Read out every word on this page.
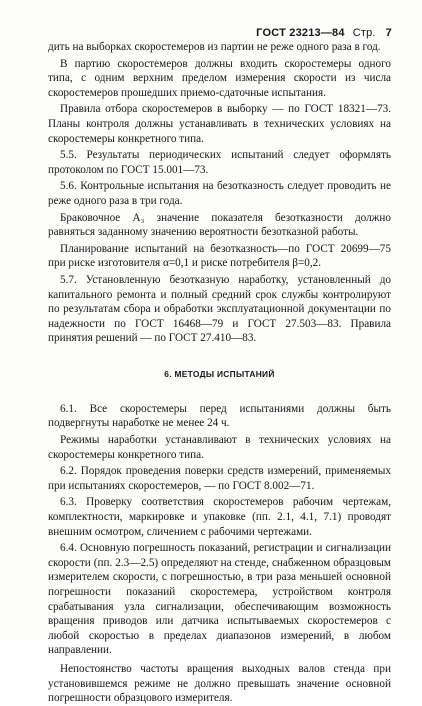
ГОСТ 23213—84 Стр. 7

дить на выборках скоростемеров из партии не реже одного раза в год.

В партию скоростемеров должны входить скоростемеры одного типа, с одним верхним пределом измерения скорости из числа скоростемеров прошедших приемо-сдаточные испытания.

Правила отбора скоростемеров в выборку — по ГОСТ 18321—73. Планы контроля должны устанавливать в технических условиях на скоростемеры конкретного типа.

5.5. Результаты периодических испытаний следует оформлять протоколом по ГОСТ 15.001—73.

5.6. Контрольные испытания на безотказность следует проводить не реже одного раза в три года.

Браковочное A₃ значение показателя безотказности должно равняться заданному значению вероятности безотказной работы.

Планирование испытаний на безотказность—по ГОСТ 20699—75 при риске изготовителя α=0,1 и риске потребителя β=0,2.

5.7. Установленную безотказную наработку, установленный до капитального ремонта и полный средний срок службы контролируют по результатам сбора и обработки эксплуатационной документации по надежности по ГОСТ 16468—79 и ГОСТ 27.503—83. Правила принятия решений — по ГОСТ 27.410—83.

6. МЕТОДЫ ИСПЫТАНИЙ

6.1. Все скоростемеры перед испытаниями должны быть подвергнуты наработке не менее 24 ч.

Режимы наработки устанавливают в технических условиях на скоростемеры конкретного типа.

6.2. Порядок проведения поверки средств измерений, применяемых при испытаниях скоростемеров, — по ГОСТ 8.002—71.

6.3. Проверку соответствия скоростемеров рабочим чертежам, комплектности, маркировке и упаковке (пп. 2.1, 4.1, 7.1) проводят внешним осмотром, сличением с рабочими чертежами.

6.4. Основную погрешность показаний, регистрации и сигнализации скорости (пп. 2.3—2.5) определяют на стенде, снабженном образцовым измерителем скорости, с погрешностью, в три раза меньшей основной погрешности показаний скоростемера, устройством контроля срабатывания узла сигнализации, обеспечивающим возможность вращения приводов или датчика испытываемых скоростемеров с любой скоростью в пределах диапазонов измерений, в любом направлении.

Непостоянство частоты вращения выходных валов стенда при установившемся режиме не должно превышать значение основной погрешности образцового измерителя.
